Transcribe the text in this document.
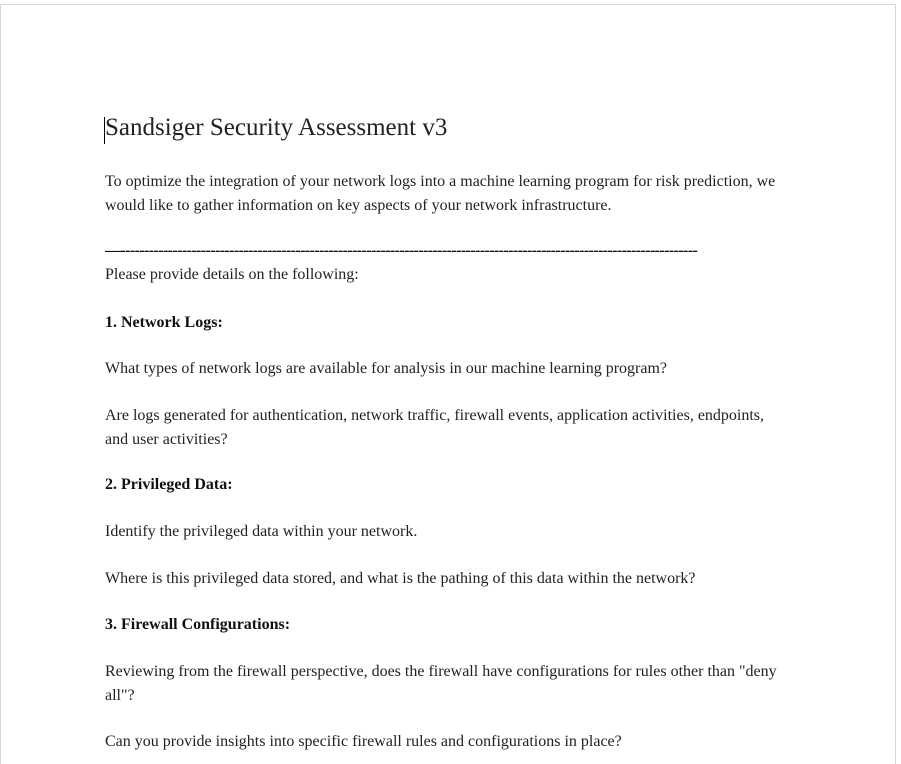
Sandsiger Security Assessment v3

To optimize the integration of your network logs into a machine learning program for risk prediction, we would like to gather information on key aspects of your network infrastructure.

—--------------------------------------------------------------------------------------------------------------------------

Please provide details on the following:

1. Network Logs:

What types of network logs are available for analysis in our machine learning program?

Are logs generated for authentication, network traffic, firewall events, application activities, endpoints, and user activities?

2. Privileged Data:

Identify the privileged data within your network.

Where is this privileged data stored, and what is the pathing of this data within the network?

3. Firewall Configurations:

Reviewing from the firewall perspective, does the firewall have configurations for rules other than "deny all"?

Can you provide insights into specific firewall rules and configurations in place?
